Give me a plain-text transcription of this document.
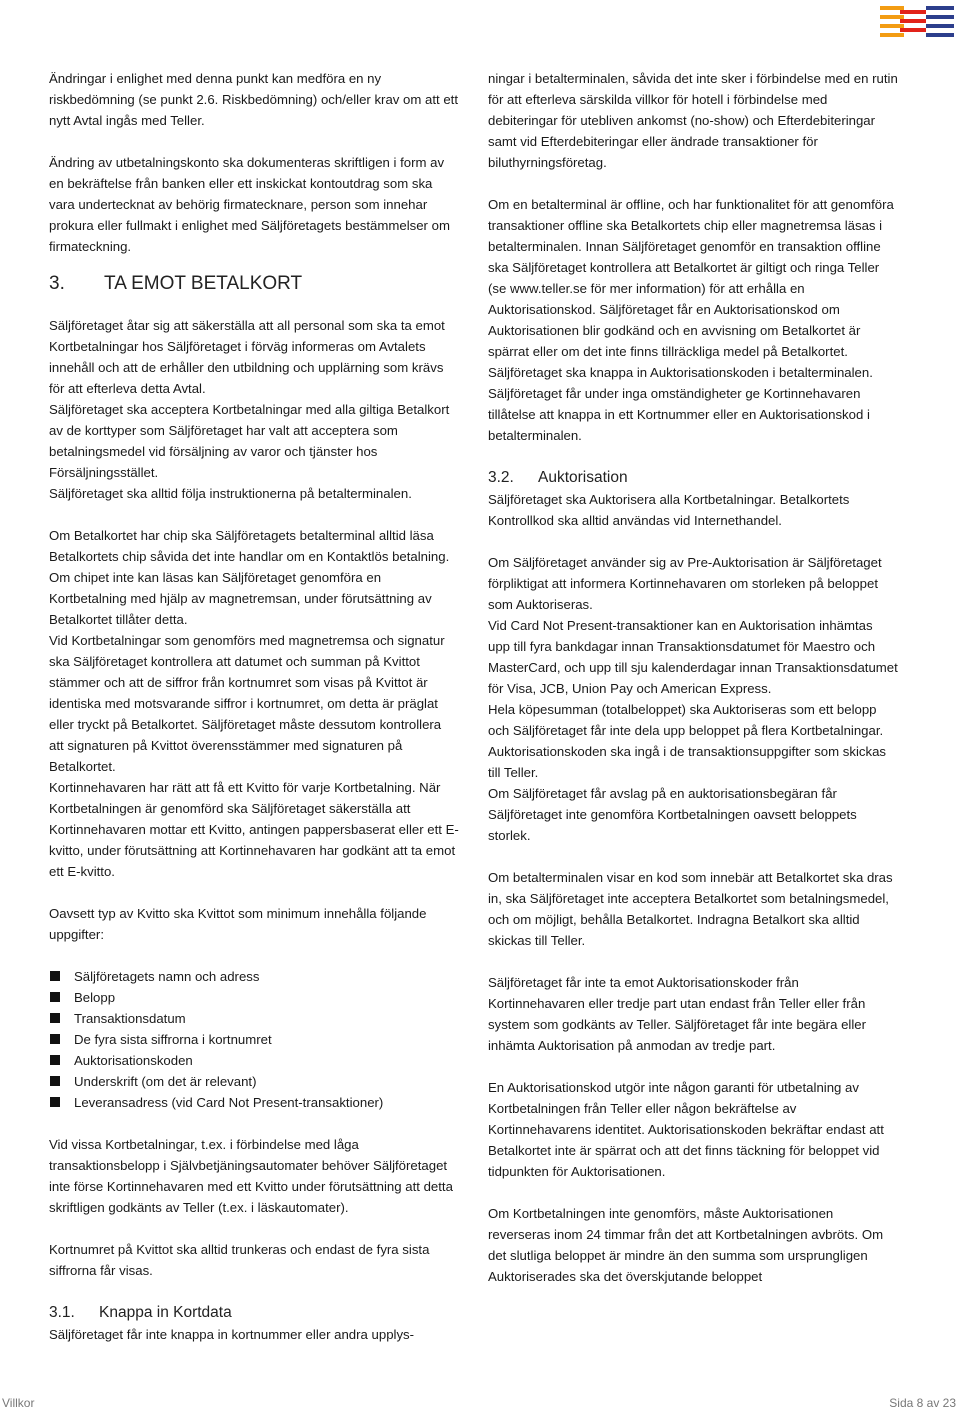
Ändringar i enlighet med denna punkt kan medföra en ny riskbedömning (se punkt 2.6. Riskbedömning) och/eller krav om att ett nytt Avtal ingås med Teller.

Ändring av utbetalningskonto ska dokumenteras skriftligen i form av en bekräftelse från banken eller ett inskickat kontoutdrag som ska vara undertecknat av behörig firmatecknare, person som innehar prokura eller fullmakt i enlighet med Säljföretagets bestämmelser om firmateckning.

3. TA EMOT BETALKORT

Säljföretaget åtar sig att säkerställa att all personal som ska ta emot Kortbetalningar hos Säljföretaget i förväg informeras om Avtalets innehåll och att de erhåller den utbildning och upplärning som krävs för att efterleva detta Avtal.

Säljföretaget ska acceptera Kortbetalningar med alla giltiga Betalkort av de korttyper som Säljföretaget har valt att acceptera som betalningsmedel vid försäljning av varor och tjänster hos Försäljningsstället.

Säljföretaget ska alltid följa instruktionerna på betalterminalen.

Om Betalkortet har chip ska Säljföretagets betalterminal alltid läsa Betalkortets chip såvida det inte handlar om en Kontaktlös betalning. Om chipet inte kan läsas kan Säljföretaget genomföra en Kortbetalning med hjälp av magnetremsan, under förutsättning av Betalkortet tillåter detta.

Vid Kortbetalningar som genomförs med magnetremsa och signatur ska Säljföretaget kontrollera att datumet och summan på Kvittot stämmer och att de siffror från kortnumret som visas på Kvittot är identiska med motsvarande siffror i kortnumret, om detta är präglat eller tryckt på Betalkortet. Säljföretaget måste dessutom kontrollera att signaturen på Kvittot överensstämmer med signaturen på Betalkortet.

Kortinnehavaren har rätt att få ett Kvitto för varje Kortbetalning. När Kortbetalningen är genomförd ska Säljföretaget säkerställa att Kortinnehavaren mottar ett Kvitto, antingen pappersbaserat eller ett E-kvitto, under förutsättning att Kortinnehavaren har godkänt att ta emot ett E-kvitto.

Oavsett typ av Kvitto ska Kvittot som minimum innehålla följande uppgifter:

Säljföretagets namn och adress
Belopp
Transaktionsdatum
De fyra sista siffrorna i kortnumret
Auktorisationskoden
Underskrift (om det är relevant)
Leveransadress (vid Card Not Present-transaktioner)

Vid vissa Kortbetalningar, t.ex. i förbindelse med låga transaktionsbelopp i Självbetjäningsautomater behöver Säljföretaget inte förse Kortinnehavaren med ett Kvitto under förutsättning att detta skriftligen godkänts av Teller (t.ex. i läskautomater).

Kortnumret på Kvittot ska alltid trunkeras och endast de fyra sista siffrorna får visas.

3.1. Knappa in Kortdata

Säljföretaget får inte knappa in kortnummer eller andra upplys-

ningar i betalterminalen, såvida det inte sker i förbindelse med en rutin för att efterleva särskilda villkor för hotell i förbindelse med debiteringar för utebliven ankomst (no-show) och Efterdebiteringar samt vid Efterdebiteringar eller ändrade transaktioner för biluthyrningsföretag.

Om en betalterminal är offline, och har funktionalitet för att genomföra transaktioner offline ska Betalkortets chip eller magnetremsa läsas i betalterminalen. Innan Säljföretaget genomför en transaktion offline ska Säljföretaget kontrollera att Betalkortet är giltigt och ringa Teller (se www.teller.se för mer information) för att erhålla en Auktorisationskod. Säljföretaget får en Auktorisationskod om Auktorisationen blir godkänd och en avvisning om Betalkortet är spärrat eller om det inte finns tillräckliga medel på Betalkortet. Säljföretaget ska knappa in Auktorisationskoden i betalterminalen. Säljföretaget får under inga omständigheter ge Kortinnehavaren tillåtelse att knappa in ett Kortnummer eller en Auktorisationskod i betalterminalen.

3.2. Auktorisation

Säljföretaget ska Auktorisera alla Kortbetalningar. Betalkortets Kontrollkod ska alltid användas vid Internethandel.

Om Säljföretaget använder sig av Pre-Auktorisation är Säljföretaget förpliktigat att informera Kortinnehavaren om storleken på beloppet som Auktoriseras.

Vid Card Not Present-transaktioner kan en Auktorisation inhämtas upp till fyra bankdagar innan Transaktionsdatumet för Maestro och MasterCard, och upp till sju kalenderdagar innan Transaktionsdatumet för Visa, JCB, Union Pay och American Express.

Hela köpesumman (totalbeloppet) ska Auktoriseras som ett belopp och Säljföretaget får inte dela upp beloppet på flera Kortbetalningar.

Auktorisationskoden ska ingå i de transaktionsuppgifter som skickas till Teller.

Om Säljföretaget får avslag på en auktorisationsbegäran får Säljföretaget inte genomföra Kortbetalningen oavsett beloppets storlek.

Om betalterminalen visar en kod som innebär att Betalkortet ska dras in, ska Säljföretaget inte acceptera Betalkortet som betalningsmedel, och om möjligt, behålla Betalkortet. Indragna Betalkort ska alltid skickas till Teller.

Säljföretaget får inte ta emot Auktorisationskoder från Kortinnehavaren eller tredje part utan endast från Teller eller från system som godkänts av Teller. Säljföretaget får inte begära eller inhämta Auktorisation på anmodan av tredje part.

En Auktorisationskod utgör inte någon garanti för utbetalning av Kortbetalningen från Teller eller någon bekräftelse av Kortinnehavarens identitet. Auktorisationskoden bekräftar endast att Betalkortet inte är spärrat och att det finns täckning för beloppet vid tidpunkten för Auktorisationen.

Om Kortbetalningen inte genomförs, måste Auktorisationen reverseras inom 24 timmar från det att Kortbetalningen avbröts. Om det slutliga beloppet är mindre än den summa som ursprungligen Auktoriserades ska det överskjutande beloppet

Villkor	Sida 8 av 23
